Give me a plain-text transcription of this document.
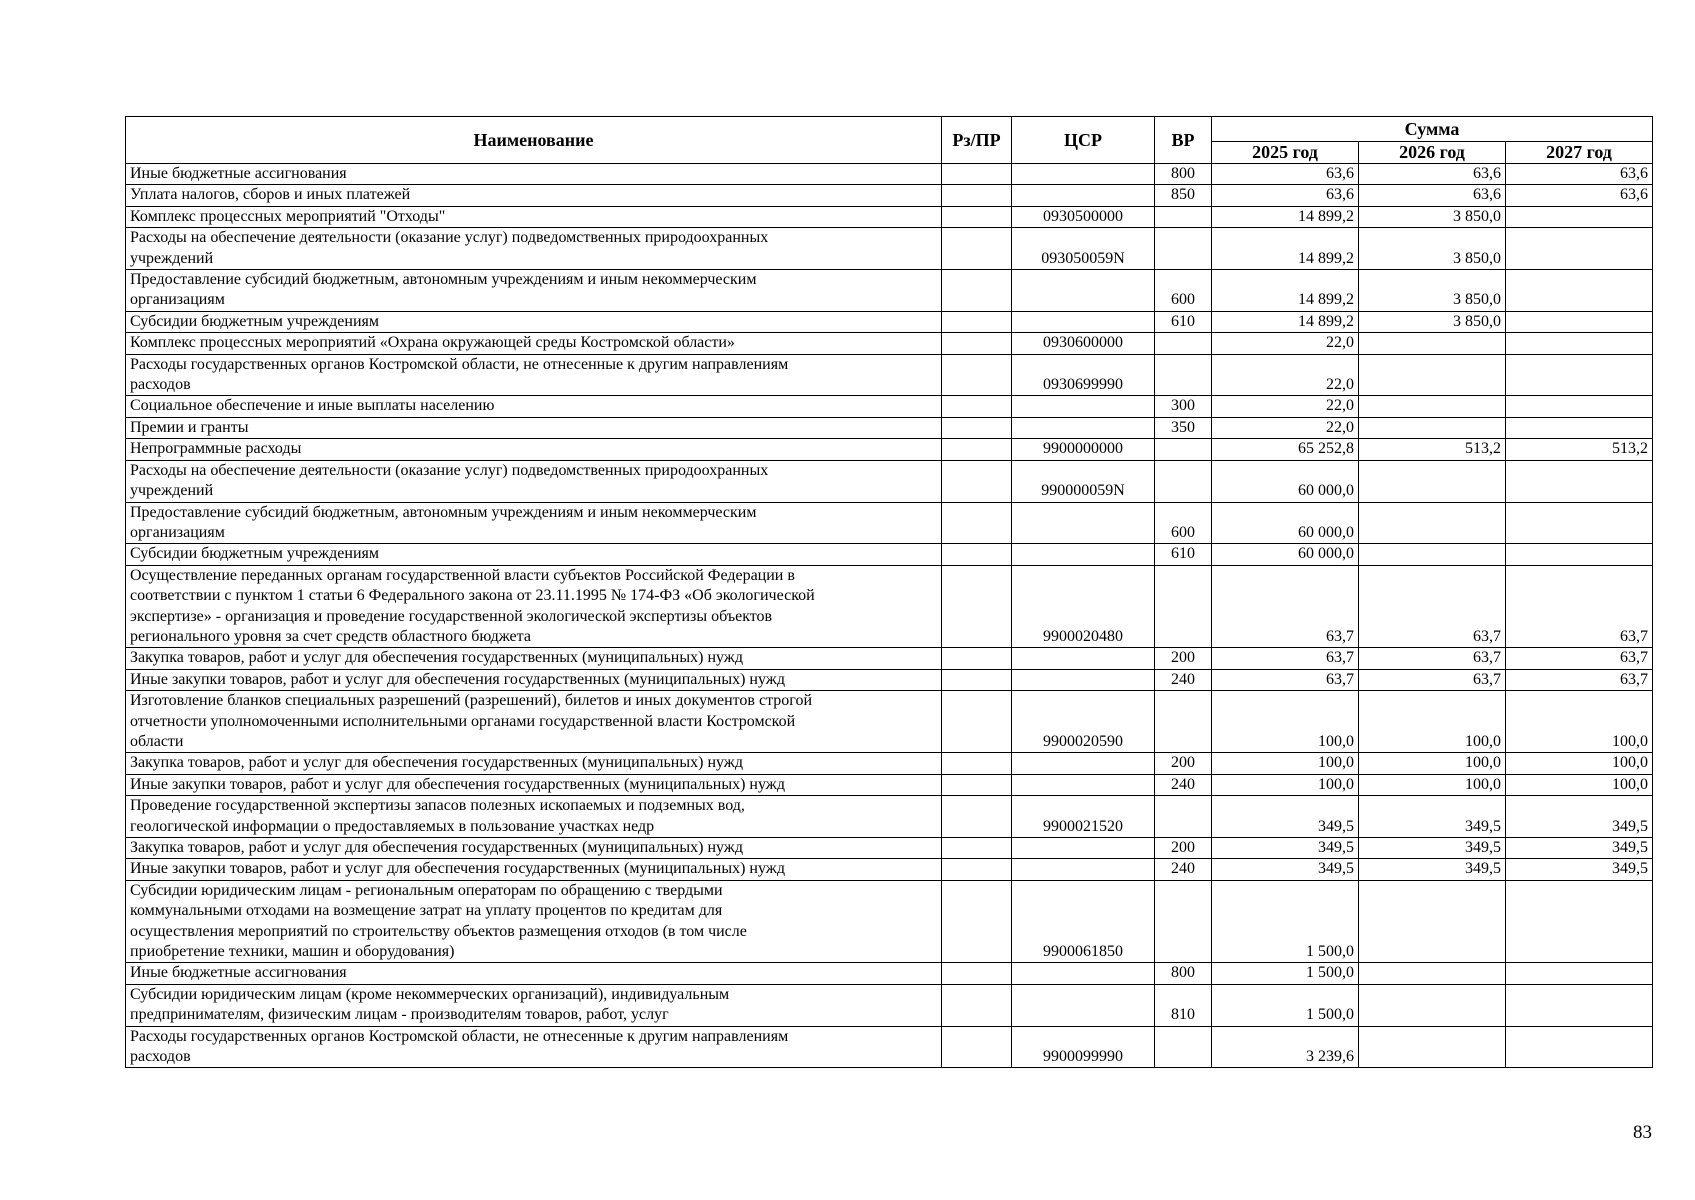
Наименование	Рз/ПР	ЦСР	ВР	Сумма		
				2025 год	2026 год	2027 год
Иные бюджетные ассигнования			800	63,6	63,6	63,6
Уплата налогов, сборов и иных платежей			850	63,6	63,6	63,6
Комплекс процессных мероприятий "Отходы"		0930500000		14 899,2	3 850,0	
Расходы на обеспечение деятельности (оказание услуг) подведомственных природоохранных
учреждений		093050059N		14 899,2	3 850,0	
Предоставление субсидий бюджетным, автономным учреждениям и иным некоммерческим
организациям			600	14 899,2	3 850,0	
Субсидии бюджетным учреждениям			610	14 899,2	3 850,0	
Комплекс процессных мероприятий «Охрана окружающей среды Костромской области»		0930600000		22,0		
Расходы государственных органов Костромской области, не отнесенные к другим направлениям
расходов		0930699990		22,0		
Социальное обеспечение и иные выплаты населению			300	22,0		
Премии и гранты			350	22,0		
Непрограммные расходы		9900000000		65 252,8	513,2	513,2
Расходы на обеспечение деятельности (оказание услуг) подведомственных природоохранных
учреждений		990000059N		60 000,0		
Предоставление субсидий бюджетным, автономным учреждениям и иным некоммерческим
организациям			600	60 000,0		
Субсидии бюджетным учреждениям			610	60 000,0		
Осуществление переданных органам государственной власти субъектов Российской Федерации в
соответствии с пунктом 1 статьи 6 Федерального закона от 23.11.1995 № 174-ФЗ «Об экологической
экспертизе» - организация и проведение государственной экологической экспертизы объектов
регионального уровня за счет средств областного бюджета		9900020480		63,7	63,7	63,7
Закупка товаров, работ и услуг для обеспечения государственных (муниципальных) нужд			200	63,7	63,7	63,7
Иные закупки товаров, работ и услуг для обеспечения государственных (муниципальных) нужд			240	63,7	63,7	63,7
Изготовление бланков специальных разрешений (разрешений), билетов и иных документов строгой
отчетности уполномоченными исполнительными органами государственной власти Костромской
области		9900020590		100,0	100,0	100,0
Закупка товаров, работ и услуг для обеспечения государственных (муниципальных) нужд			200	100,0	100,0	100,0
Иные закупки товаров, работ и услуг для обеспечения государственных (муниципальных) нужд			240	100,0	100,0	100,0
Проведение государственной экспертизы запасов полезных ископаемых и подземных вод,
геологической информации о предоставляемых в пользование участках недр		9900021520		349,5	349,5	349,5
Закупка товаров, работ и услуг для обеспечения государственных (муниципальных) нужд			200	349,5	349,5	349,5
Иные закупки товаров, работ и услуг для обеспечения государственных (муниципальных) нужд			240	349,5	349,5	349,5
Субсидии юридическим лицам - региональным операторам по обращению с твердыми
коммунальными отходами на возмещение затрат на уплату процентов по кредитам для
осуществления мероприятий по строительству объектов размещения отходов (в том числе
приобретение техники, машин и оборудования)		9900061850		1 500,0		
Иные бюджетные ассигнования			800	1 500,0		
Субсидии юридическим лицам (кроме некоммерческих организаций), индивидуальным
предпринимателям, физическим лицам - производителям товаров, работ, услуг			810	1 500,0		
Расходы государственных органов Костромской области, не отнесенные к другим направлениям
расходов		9900099990		3 239,6		
83
